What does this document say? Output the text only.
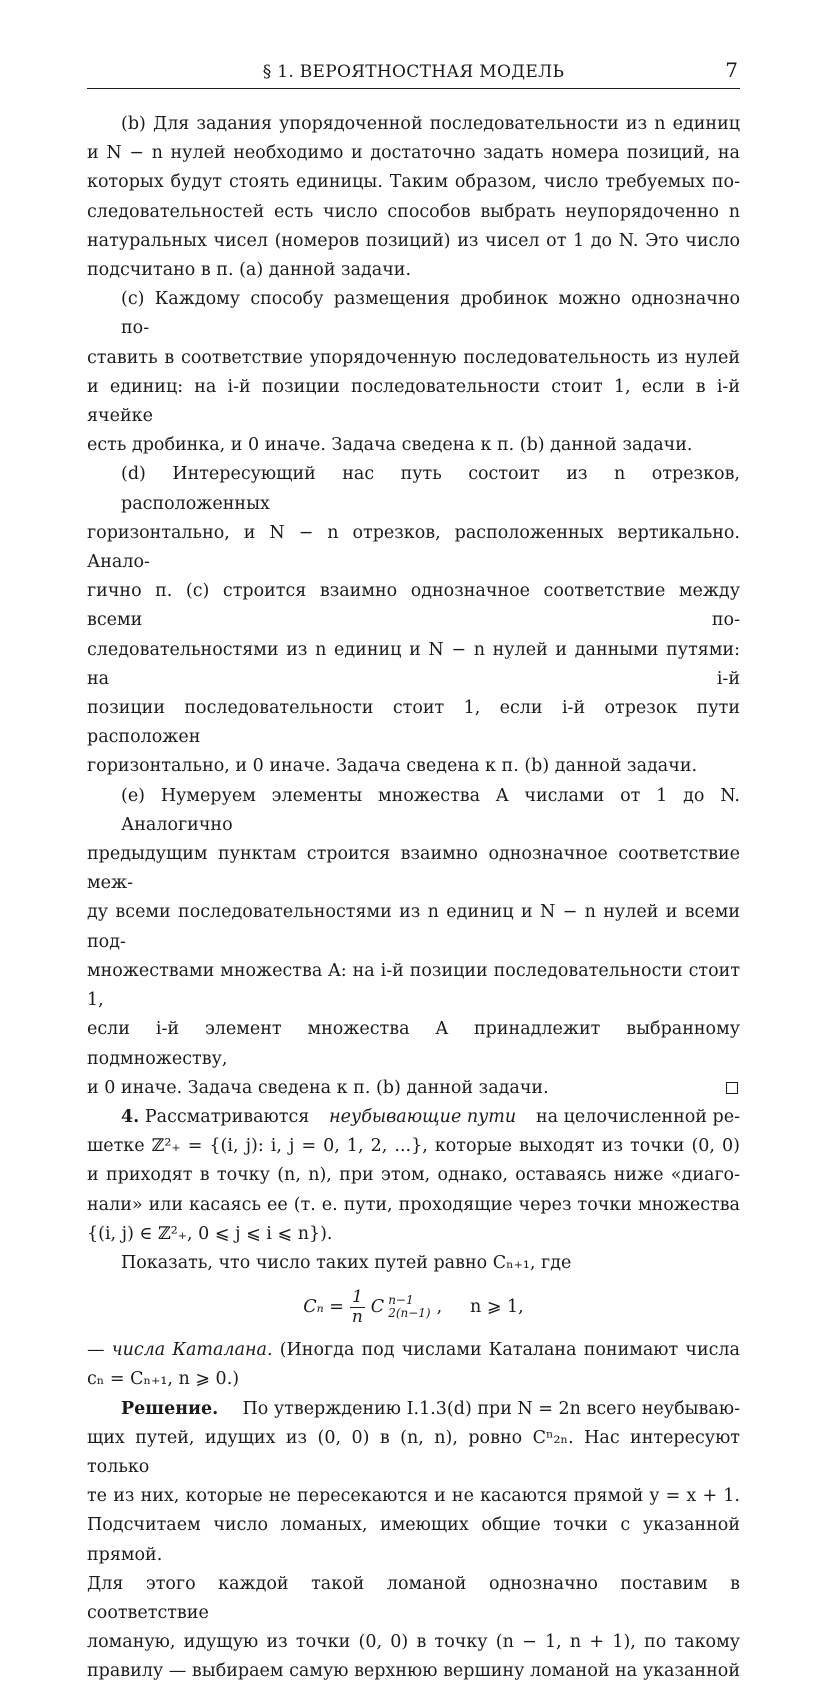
§ 1. ВЕРОЯТНОСТНАЯ МОДЕЛЬ	7
(b) Для задания упорядоченной последовательности из n единиц
и N − n нулей необходимо и достаточно задать номера позиций, на
которых будут стоять единицы. Таким образом, число требуемых по-
следовательностей есть число способов выбрать неупорядоченно n
натуральных чисел (номеров позиций) из чисел от 1 до N. Это число
подсчитано в п. (a) данной задачи.
(c) Каждому способу размещения дробинок можно однозначно по-
ставить в соответствие упорядоченную последовательность из нулей
и единиц: на i-й позиции последовательности стоит 1, если в i-й ячейке
есть дробинка, и 0 иначе. Задача сведена к п. (b) данной задачи.
(d) Интересующий нас путь состоит из n отрезков, расположенных
горизонтально, и N − n отрезков, расположенных вертикально. Анало-
гично п. (c) строится взаимно однозначное соответствие между всеми по-
следовательностями из n единиц и N − n нулей и данными путями: на i-й
позиции последовательности стоит 1, если i-й отрезок пути расположен
горизонтально, и 0 иначе. Задача сведена к п. (b) данной задачи.
(e) Нумеруем элементы множества A числами от 1 до N. Аналогично
предыдущим пунктам строится взаимно однозначное соответствие меж-
ду всеми последовательностями из n единиц и N − n нулей и всеми под-
множествами множества A: на i-й позиции последовательности стоит 1,
если i-й элемент множества A принадлежит выбранному подмножеству,
и 0 иначе. Задача сведена к п. (b) данной задачи.
4. Рассматриваются неубывающие пути на целочисленной ре-
шетке ℤ²₊ = {(i, j): i, j = 0, 1, 2, ...}, которые выходят из точки (0, 0)
и приходят в точку (n, n), при этом, однако, оставаясь ниже «диаго-
нали» или касаясь ее (т. е. пути, проходящие через точки множества
{(i, j) ∈ ℤ²₊, 0 ⩽ j ⩽ i ⩽ n}).
Показать, что число таких путей равно Cₙ₊₁, где
$C_n = \frac{1}{n}$ C n−1
2(n−1) ,     n ⩾ 1,
— числа Каталана. (Иногда под числами Каталана понимают числа
cₙ = Cₙ₊₁, n ⩾ 0.)
Решение. По утверждению I.1.3(d) при N = 2n всего неубываю-
щих путей, идущих из (0, 0) в (n, n), ровно Cⁿ₂ₙ. Нас интересуют только
те из них, которые не пересекаются и не касаются прямой y = x + 1.
Подсчитаем число ломаных, имеющих общие точки с указанной прямой.
Для этого каждой такой ломаной однозначно поставим в соответствие
ломаную, идущую из точки (0, 0) в точку (n − 1, n + 1), по такому
правилу — выбираем самую верхнюю вершину ломаной на указанной
